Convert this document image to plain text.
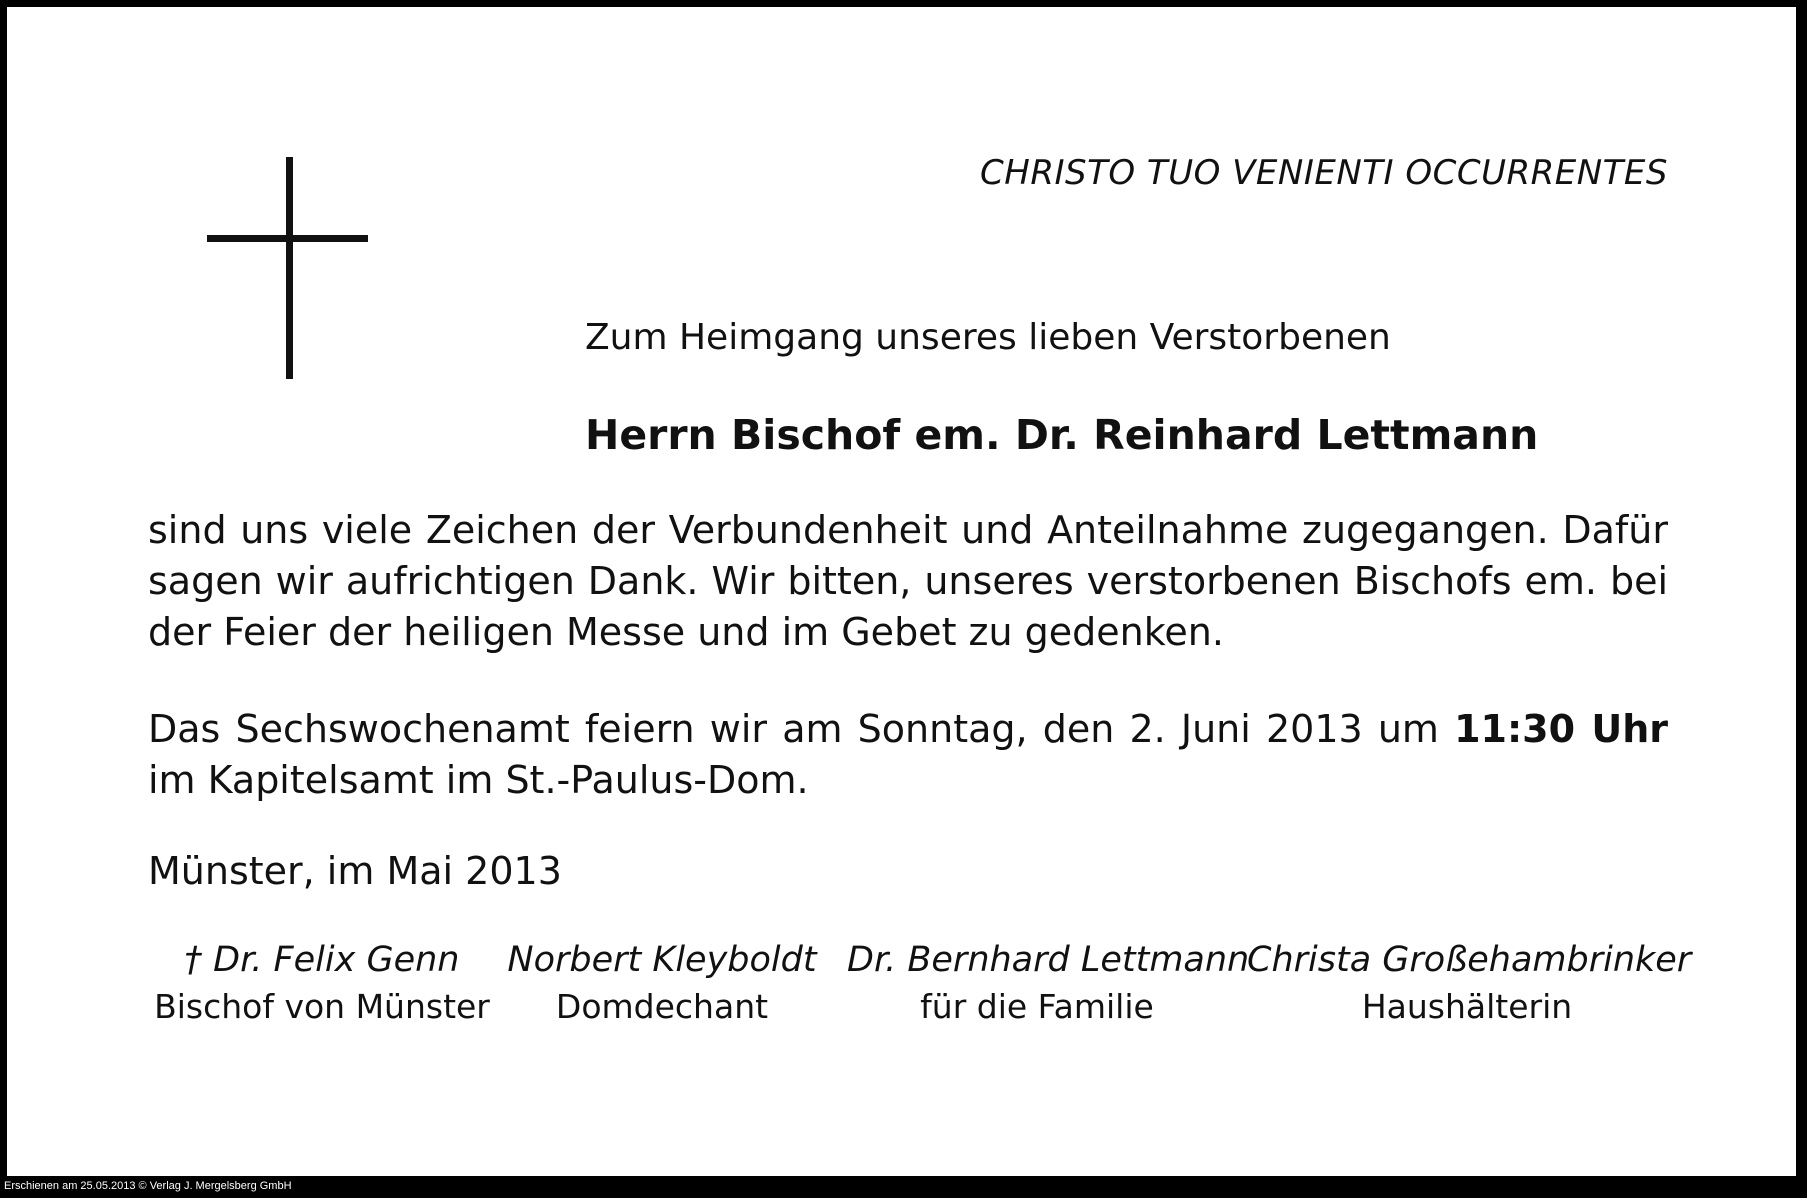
CHRISTO TUO VENIENTI OCCURRENTES
Zum Heimgang unseres lieben Verstorbenen
Herrn Bischof em. Dr. Reinhard Lettmann
sind uns viele Zeichen der Verbundenheit und Anteilnahme zugegangen. Dafür sagen wir aufrichtigen Dank. Wir bitten, unseres verstorbenen Bischofs em. bei der Feier der heiligen Messe und im Gebet zu gedenken.
Das Sechswochenamt feiern wir am Sonntag, den 2. Juni 2013 um 11:30 Uhr im Kapitelsamt im St.-Paulus-Dom.
Münster, im Mai 2013
† Dr. Felix Genn
Bischof von Münster
Norbert Kleyboldt
Domdechant
Dr. Bernhard Lettmann
für die Familie
Christa Großehambrinker
Haushälterin
Erschienen am 25.05.2013 © Verlag J. Mergelsberg GmbH
